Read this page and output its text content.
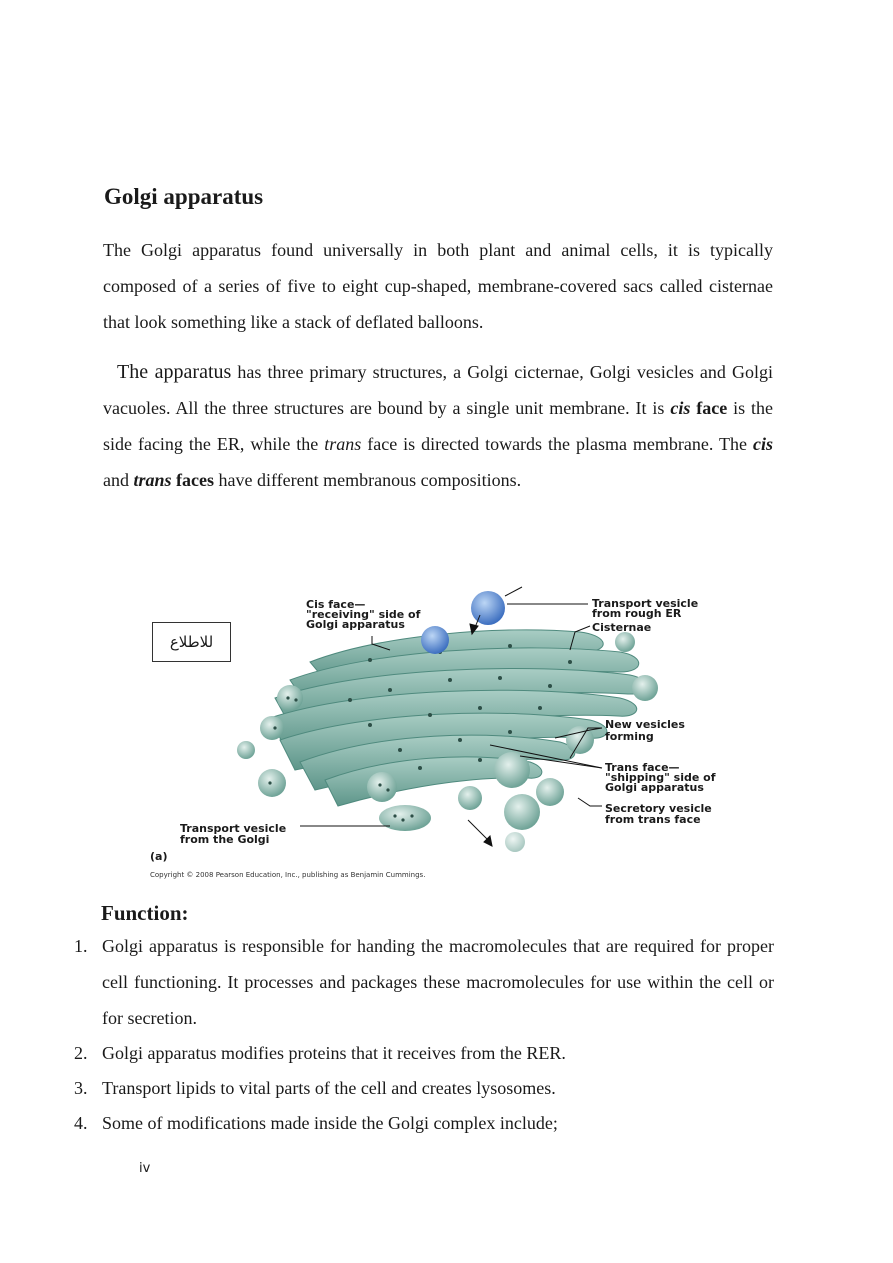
Golgi apparatus

The Golgi apparatus found universally in both plant and animal cells, it is typically composed of a series of five to eight cup-shaped, membrane-covered sacs called cisternae that look something like a stack of deflated balloons.

The apparatus has three primary structures, a Golgi cicternae, Golgi vesicles and Golgi vacuoles. All the three structures are bound by a single unit membrane. It is cis face is the side facing the ER, while the trans face is directed towards the plasma membrane. The cis and trans faces have different membranous compositions.

للاطلاع
Cis face—
"receiving" side of
Golgi apparatus
Transport vesicle
from rough ER
Cisternae
New vesicles
forming
Trans face—
"shipping" side of
Golgi apparatus
Secretory vesicle
from trans face
Transport vesicle
from the Golgi
(a)
Copyright © 2008 Pearson Education, Inc., publishing as Benjamin Cummings.
Function:
1. Golgi apparatus is responsible for handing the macromolecules that are required for proper cell functioning. It processes and packages these macromolecules for use within the cell or for secretion.
2. Golgi apparatus modifies proteins that it receives from the RER.
3. Transport lipids to vital parts of the cell and creates lysosomes.
4. Some of modifications made inside the Golgi complex include;
iv
